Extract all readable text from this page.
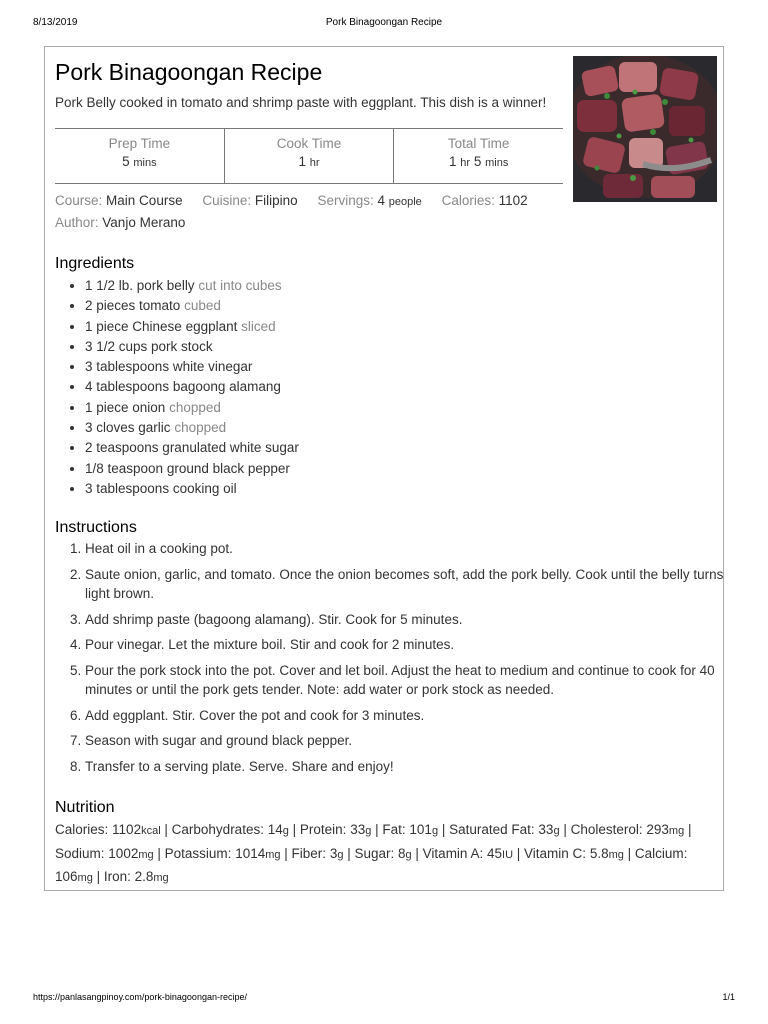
8/13/2019	Pork Binagoongan Recipe
Pork Binagoongan Recipe
Pork Belly cooked in tomato and shrimp paste with eggplant. This dish is a winner!
Prep Time
5 mins
Cook Time
1 hr
Total Time
1 hr 5 mins
Course: Main Course Cuisine: Filipino Servings: 4 people Calories: 1102
Author: Vanjo Merano
Ingredients
• 1 1/2 lb. pork belly cut into cubes
• 2 pieces tomato cubed
• 1 piece Chinese eggplant sliced
• 3 1/2 cups pork stock
• 3 tablespoons white vinegar
• 4 tablespoons bagoong alamang
• 1 piece onion chopped
• 3 cloves garlic chopped
• 2 teaspoons granulated white sugar
• 1/8 teaspoon ground black pepper
• 3 tablespoons cooking oil
Instructions
1. Heat oil in a cooking pot.
2. Saute onion, garlic, and tomato. Once the onion becomes soft, add the pork belly. Cook until the belly turns light brown.
3. Add shrimp paste (bagoong alamang). Stir. Cook for 5 minutes.
4. Pour vinegar. Let the mixture boil. Stir and cook for 2 minutes.
5. Pour the pork stock into the pot. Cover and let boil. Adjust the heat to medium and continue to cook for 40 minutes or until the pork gets tender. Note: add water or pork stock as needed.
6. Add eggplant. Stir. Cover the pot and cook for 3 minutes.
7. Season with sugar and ground black pepper.
8. Transfer to a serving plate. Serve. Share and enjoy!
Nutrition
Calories: 1102kcal | Carbohydrates: 14g | Protein: 33g | Fat: 101g | Saturated Fat: 33g | Cholesterol: 293mg | Sodium: 1002mg | Potassium: 1014mg | Fiber: 3g | Sugar: 8g | Vitamin A: 45IU | Vitamin C: 5.8mg | Calcium: 106mg | Iron: 2.8mg
https://panlasangpinoy.com/pork-binagoongan-recipe/	1/1
